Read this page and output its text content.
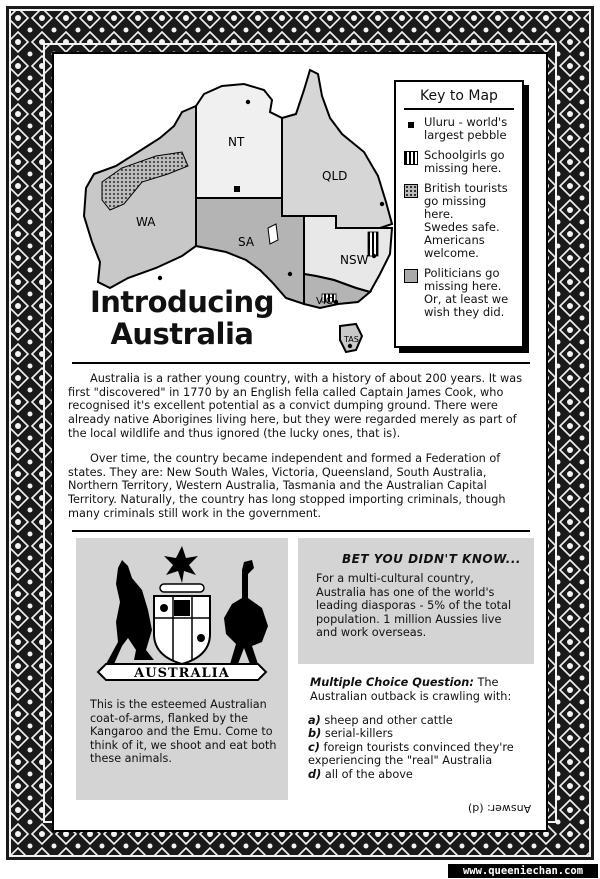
WA
NT
QLD
SA
NSW
VIC
TAS
Key to Map
Uluru - world's
largest pebble
Schoolgirls go
missing here.
British tourists
go missing here.
Swedes safe.
Americans
welcome.
Politicians go
missing here.
Or, at least we
wish they did.
Introducing
Australia
Australia is a rather young country, with a history of about 200 years. It was first "discovered" in 1770 by an English fella called Captain James Cook, who recognised it's excellent potential as a convict dumping ground. There were already native Aborigines living here, but they were regarded merely as part of the local wildlife and thus ignored (the lucky ones, that is).
Over time, the country became independent and formed a Federation of states. They are: New South Wales, Victoria, Queensland, South Australia, Northern Territory, Western Australia, Tasmania and the Australian Capital Territory. Naturally, the country has long stopped importing criminals, though many criminals still work in the government.
AUSTRALIA
This is the esteemed Australian coat-of-arms, flanked by the Kangaroo and the Emu. Come to think of it, we shoot and eat both these animals.
BET YOU DIDN'T KNOW...
For a multi-cultural country, Australia has one of the world's leading diasporas - 5% of the total population. 1 million Aussies live and work overseas.
Multiple Choice Question: The Australian outback is crawling with:
a) sheep and other cattle
b) serial-killers
c) foreign tourists convinced they're experiencing the "real" Australia
d) all of the above
Answer: (d)
www.queeniechan.com
